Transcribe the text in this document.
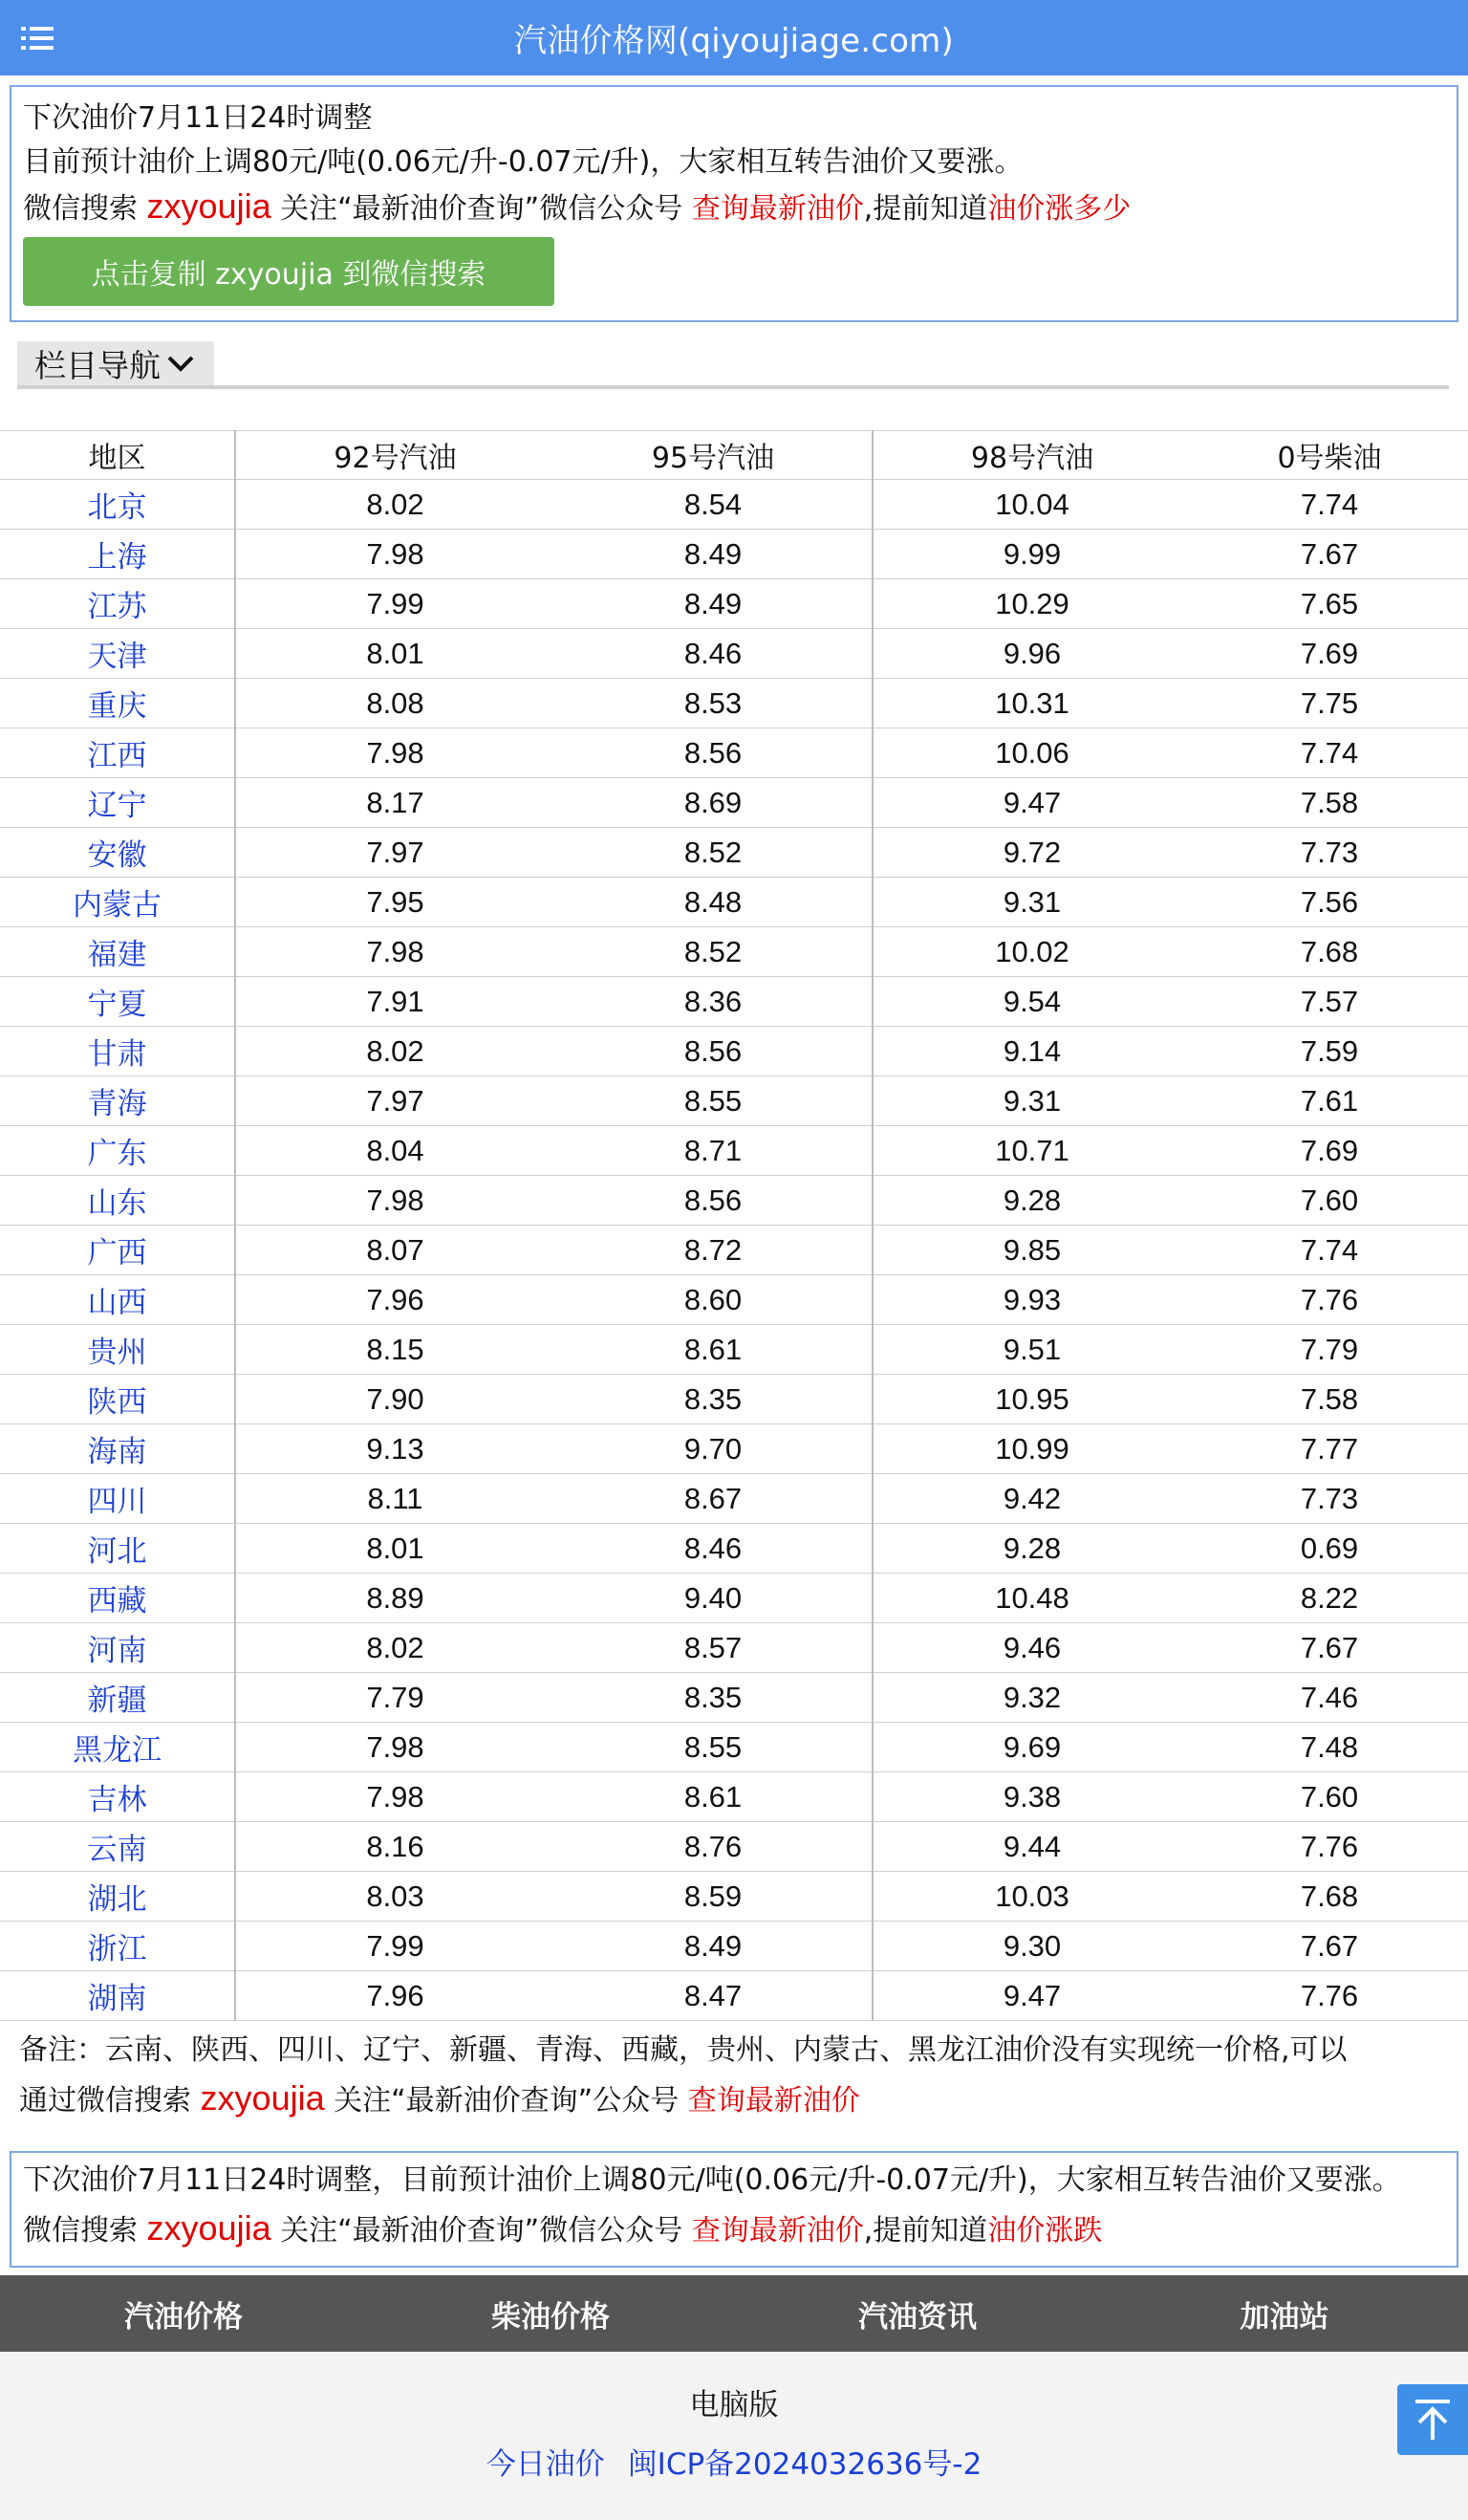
汽油价格网(qiyoujiage.com)
下次油价7月11日24时调整
目前预计油价上调80元/吨(0.06元/升-0.07元/升)，大家相互转告油价又要涨。
微信搜索 zxyoujia 关注“最新油价查询”微信公众号 查询最新油价,提前知道油价涨多少
点击复制 zxyoujia 到微信搜索
栏目导航
地区	92号汽油	95号汽油	98号汽油	0号柴油
北京	8.02	8.54	10.04	7.74
上海	7.98	8.49	9.99	7.67
江苏	7.99	8.49	10.29	7.65
天津	8.01	8.46	9.96	7.69
重庆	8.08	8.53	10.31	7.75
江西	7.98	8.56	10.06	7.74
辽宁	8.17	8.69	9.47	7.58
安徽	7.97	8.52	9.72	7.73
内蒙古	7.95	8.48	9.31	7.56
福建	7.98	8.52	10.02	7.68
宁夏	7.91	8.36	9.54	7.57
甘肃	8.02	8.56	9.14	7.59
青海	7.97	8.55	9.31	7.61
广东	8.04	8.71	10.71	7.69
山东	7.98	8.56	9.28	7.60
广西	8.07	8.72	9.85	7.74
山西	7.96	8.60	9.93	7.76
贵州	8.15	8.61	9.51	7.79
陕西	7.90	8.35	10.95	7.58
海南	9.13	9.70	10.99	7.77
四川	8.11	8.67	9.42	7.73
河北	8.01	8.46	9.28	0.69
西藏	8.89	9.40	10.48	8.22
河南	8.02	8.57	9.46	7.67
新疆	7.79	8.35	9.32	7.46
黑龙江	7.98	8.55	9.69	7.48
吉林	7.98	8.61	9.38	7.60
云南	8.16	8.76	9.44	7.76
湖北	8.03	8.59	10.03	7.68
浙江	7.99	8.49	9.30	7.67
湖南	7.96	8.47	9.47	7.76
备注：云南、陕西、四川、辽宁、新疆、青海、西藏，贵州、内蒙古、黑龙江油价没有实现统一价格,可以
通过微信搜索 zxyoujia 关注“最新油价查询”公众号 查询最新油价
下次油价7月11日24时调整，目前预计油价上调80元/吨(0.06元/升-0.07元/升)，大家相互转告油价又要涨。
微信搜索 zxyoujia 关注“最新油价查询”微信公众号 查询最新油价,提前知道油价涨跌
汽油价格	柴油价格	汽油资讯	加油站
电脑版
今日油价 闽ICP备2024032636号-2
